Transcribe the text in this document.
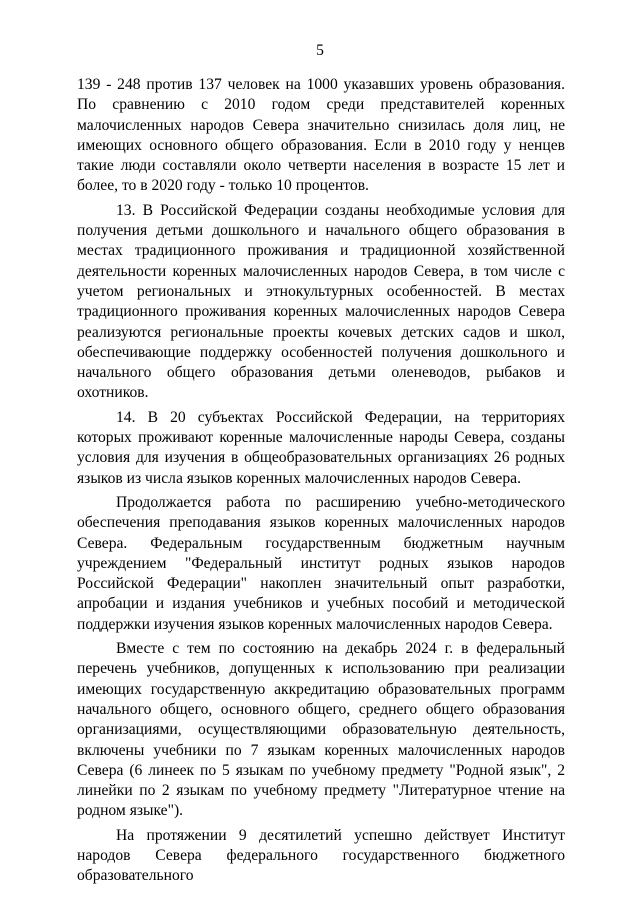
5

139 - 248 против 137 человек на 1000 указавших уровень образования. По сравнению с 2010 годом среди представителей коренных малочисленных народов Севера значительно снизилась доля лиц, не имеющих основного общего образования. Если в 2010 году у ненцев такие люди составляли около четверти населения в возрасте 15 лет и более, то в 2020 году - только 10 процентов.

13. В Российской Федерации созданы необходимые условия для получения детьми дошкольного и начального общего образования в местах традиционного проживания и традиционной хозяйственной деятельности коренных малочисленных народов Севера, в том числе с учетом региональных и этнокультурных особенностей. В местах традиционного проживания коренных малочисленных народов Севера реализуются региональные проекты кочевых детских садов и школ, обеспечивающие поддержку особенностей получения дошкольного и начального общего образования детьми оленеводов, рыбаков и охотников.

14. В 20 субъектах Российской Федерации, на территориях которых проживают коренные малочисленные народы Севера, созданы условия для изучения в общеобразовательных организациях 26 родных языков из числа языков коренных малочисленных народов Севера.

Продолжается работа по расширению учебно-методического обеспечения преподавания языков коренных малочисленных народов Севера. Федеральным государственным бюджетным научным учреждением "Федеральный институт родных языков народов Российской Федерации" накоплен значительный опыт разработки, апробации и издания учебников и учебных пособий и методической поддержки изучения языков коренных малочисленных народов Севера.

Вместе с тем по состоянию на декабрь 2024 г. в федеральный перечень учебников, допущенных к использованию при реализации имеющих государственную аккредитацию образовательных программ начального общего, основного общего, среднего общего образования организациями, осуществляющими образовательную деятельность, включены учебники по 7 языкам коренных малочисленных народов Севера (6 линеек по 5 языкам по учебному предмету "Родной язык", 2 линейки по 2 языкам по учебному предмету "Литературное чтение на родном языке").

На протяжении 9 десятилетий успешно действует Институт народов Севера федерального государственного бюджетного образовательного
